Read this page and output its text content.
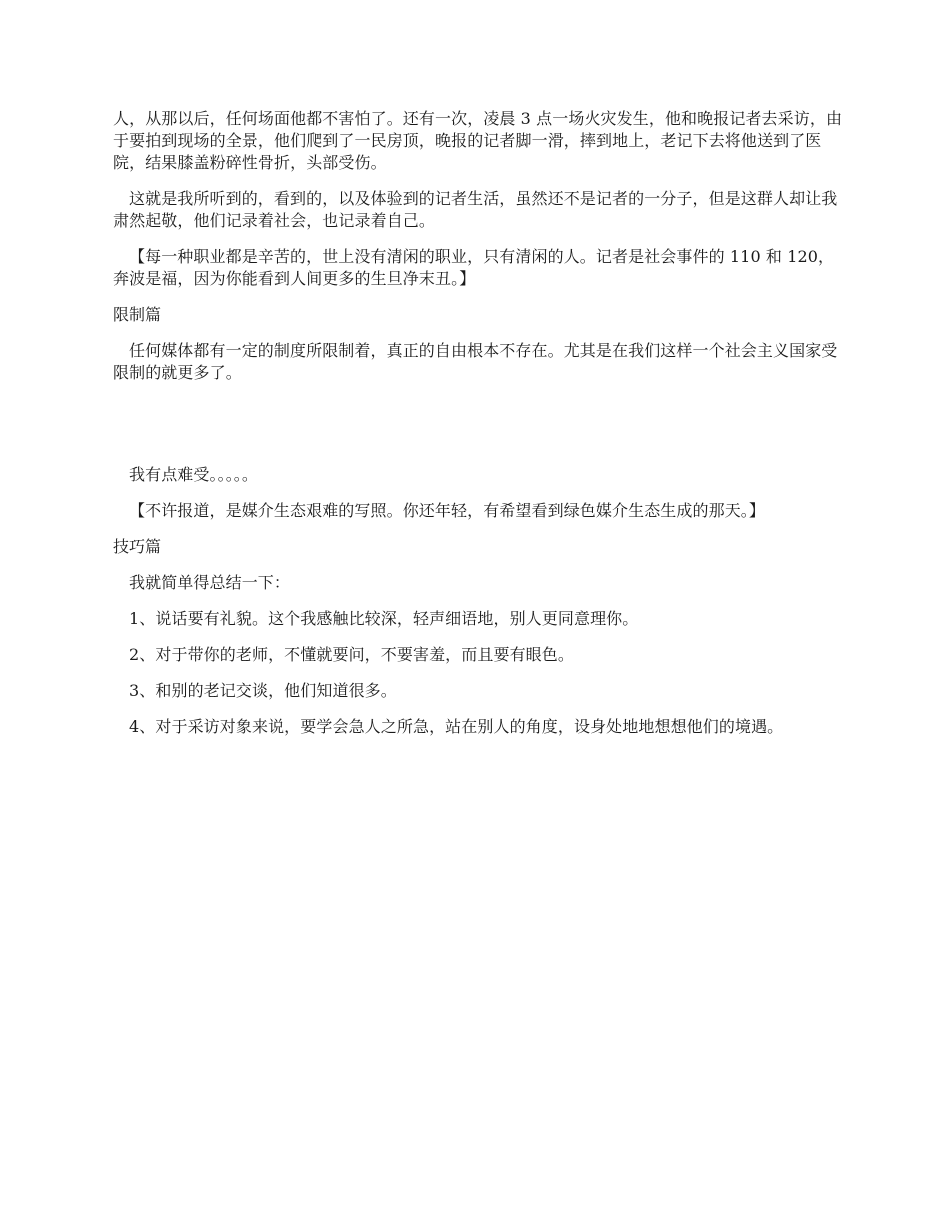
人，从那以后，任何场面他都不害怕了。还有一次，凌晨 3 点一场火灾发生，他和晚报记者去采访，由于要拍到现场的全景，他们爬到了一民房顶，晚报的记者脚一滑，摔到地上，老记下去将他送到了医院，结果膝盖粉碎性骨折，头部受伤。

这就是我所听到的，看到的，以及体验到的记者生活，虽然还不是记者的一分子，但是这群人却让我肃然起敬，他们记录着社会，也记录着自己。

【每一种职业都是辛苦的，世上没有清闲的职业，只有清闲的人。记者是社会事件的 110 和 120，奔波是福，因为你能看到人间更多的生旦净末丑。】

限制篇

任何媒体都有一定的制度所限制着，真正的自由根本不存在。尤其是在我们这样一个社会主义国家受限制的就更多了。

我有点难受。。。。。

【不许报道，是媒介生态艰难的写照。你还年轻，有希望看到绿色媒介生态生成的那天。】

技巧篇

我就简单得总结一下：

1、说话要有礼貌。这个我感触比较深，轻声细语地，别人更同意理你。

2、对于带你的老师，不懂就要问，不要害羞，而且要有眼色。

3、和别的老记交谈，他们知道很多。

4、对于采访对象来说，要学会急人之所急，站在别人的角度，设身处地地想想他们的境遇。
